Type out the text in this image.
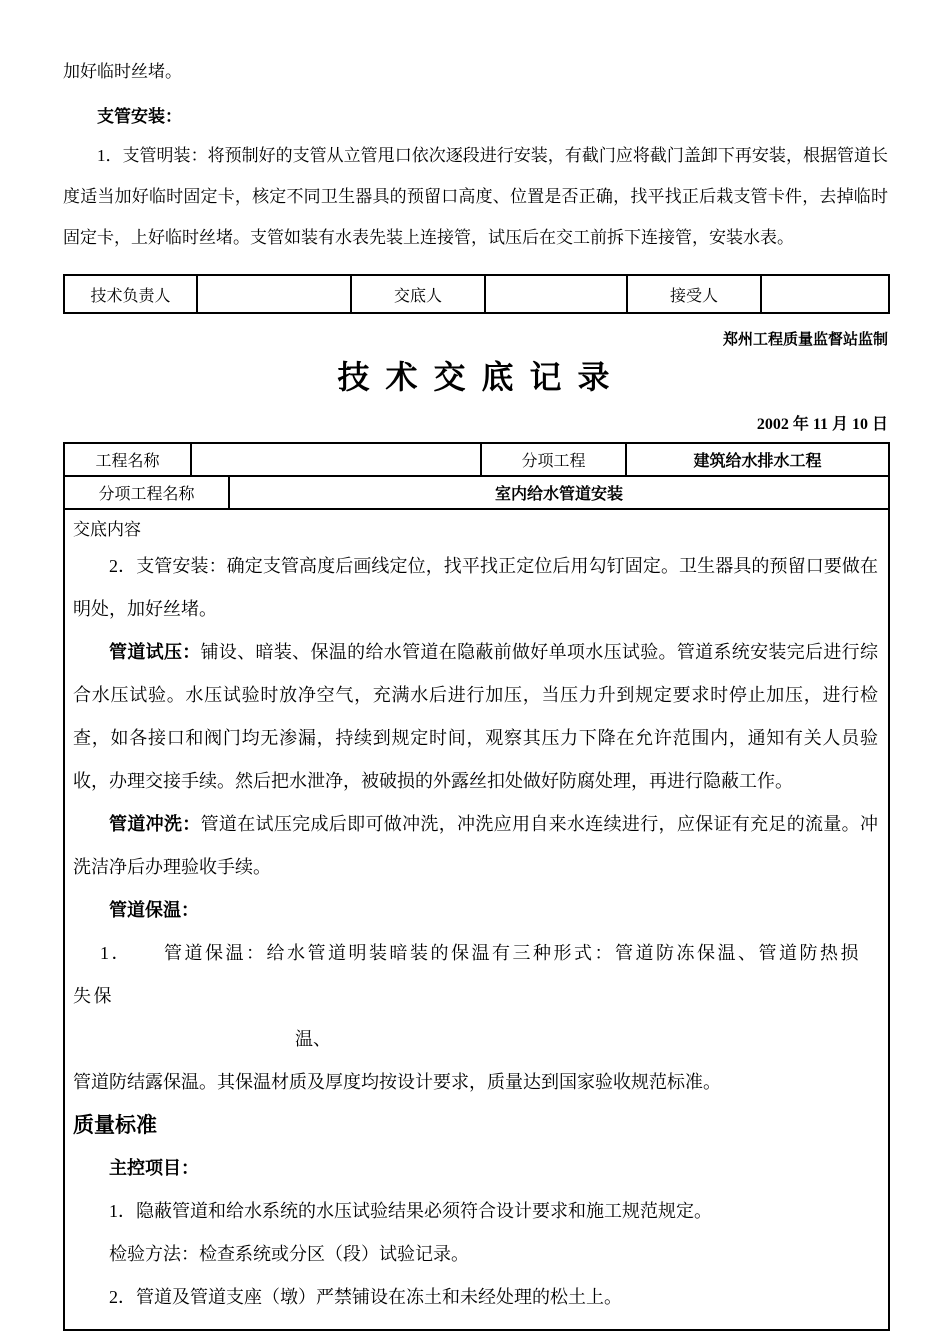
加好临时丝堵。
支管安装：
1．支管明装：将预制好的支管从立管甩口依次逐段进行安装，有截门应将截门盖卸下再安装，根据管道长度适当加好临时固定卡，核定不同卫生器具的预留口高度、位置是否正确，找平找正后栽支管卡件，去掉临时固定卡，上好临时丝堵。支管如装有水表先装上连接管，试压后在交工前拆下连接管，安装水表。
技术负责人		交底人		接受人	
郑州工程质量监督站监制
技 术 交 底 记 录
2002 年 11 月 10 日
工程名称			分项工程	建筑给水排水工程
分项工程名称		室内给水管道安装		

交底内容
2．支管安装：确定支管高度后画线定位，找平找正定位后用勾钉固定。卫生器具的预留口要做在明处，加好丝堵。
管道试压：铺设、暗装、保温的给水管道在隐蔽前做好单项水压试验。管道系统安装完后进行综合水压试验。水压试验时放净空气，充满水后进行加压，当压力升到规定要求时停止加压，进行检查，如各接口和阀门均无渗漏，持续到规定时间，观察其压力下降在允许范围内，通知有关人员验收，办理交接手续。然后把水泄净，被破损的外露丝扣处做好防腐处理，再进行隐蔽工作。
管道冲洗：管道在试压完成后即可做冲洗，冲洗应用自来水连续进行，应保证有充足的流量。冲洗洁净后办理验收手续。
管道保温：
1．　　管道保温：给水管道明装暗装的保温有三种形式：管道防冻保温、管道防热损失保
温、
管道防结露保温。其保温材质及厚度均按设计要求，质量达到国家验收规范标准。
质量标准
主控项目：
1．隐蔽管道和给水系统的水压试验结果必须符合设计要求和施工规范规定。
检验方法：检查系统或分区（段）试验记录。
2．管道及管道支座（墩）严禁铺设在冻土和未经处理的松土上。
